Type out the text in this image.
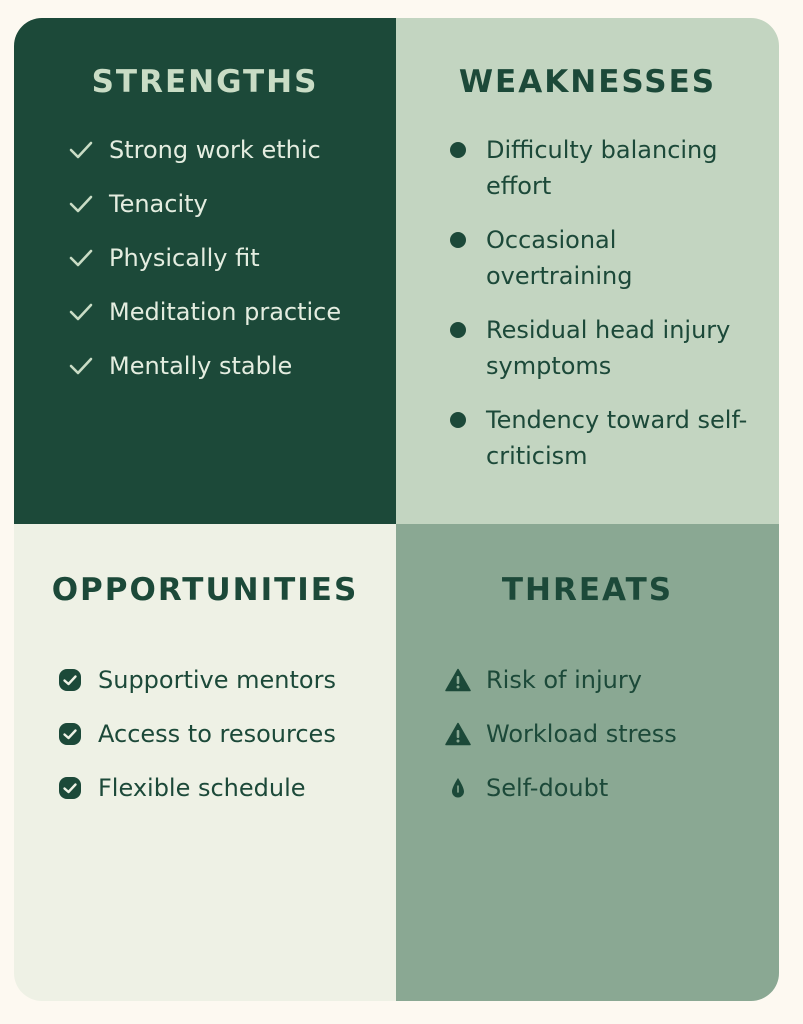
STRENGTHS
Strong work ethic
Tenacity
Physically fit
Meditation practice
Mentally stable
WEAKNESSES
Difficulty balancing effort
Occasional overtraining
Residual head injury symptoms
Tendency toward self-criticism
OPPORTUNITIES
Supportive mentors
Access to resources
Flexible schedule
THREATS
Risk of injury
Workload stress
Self-doubt
